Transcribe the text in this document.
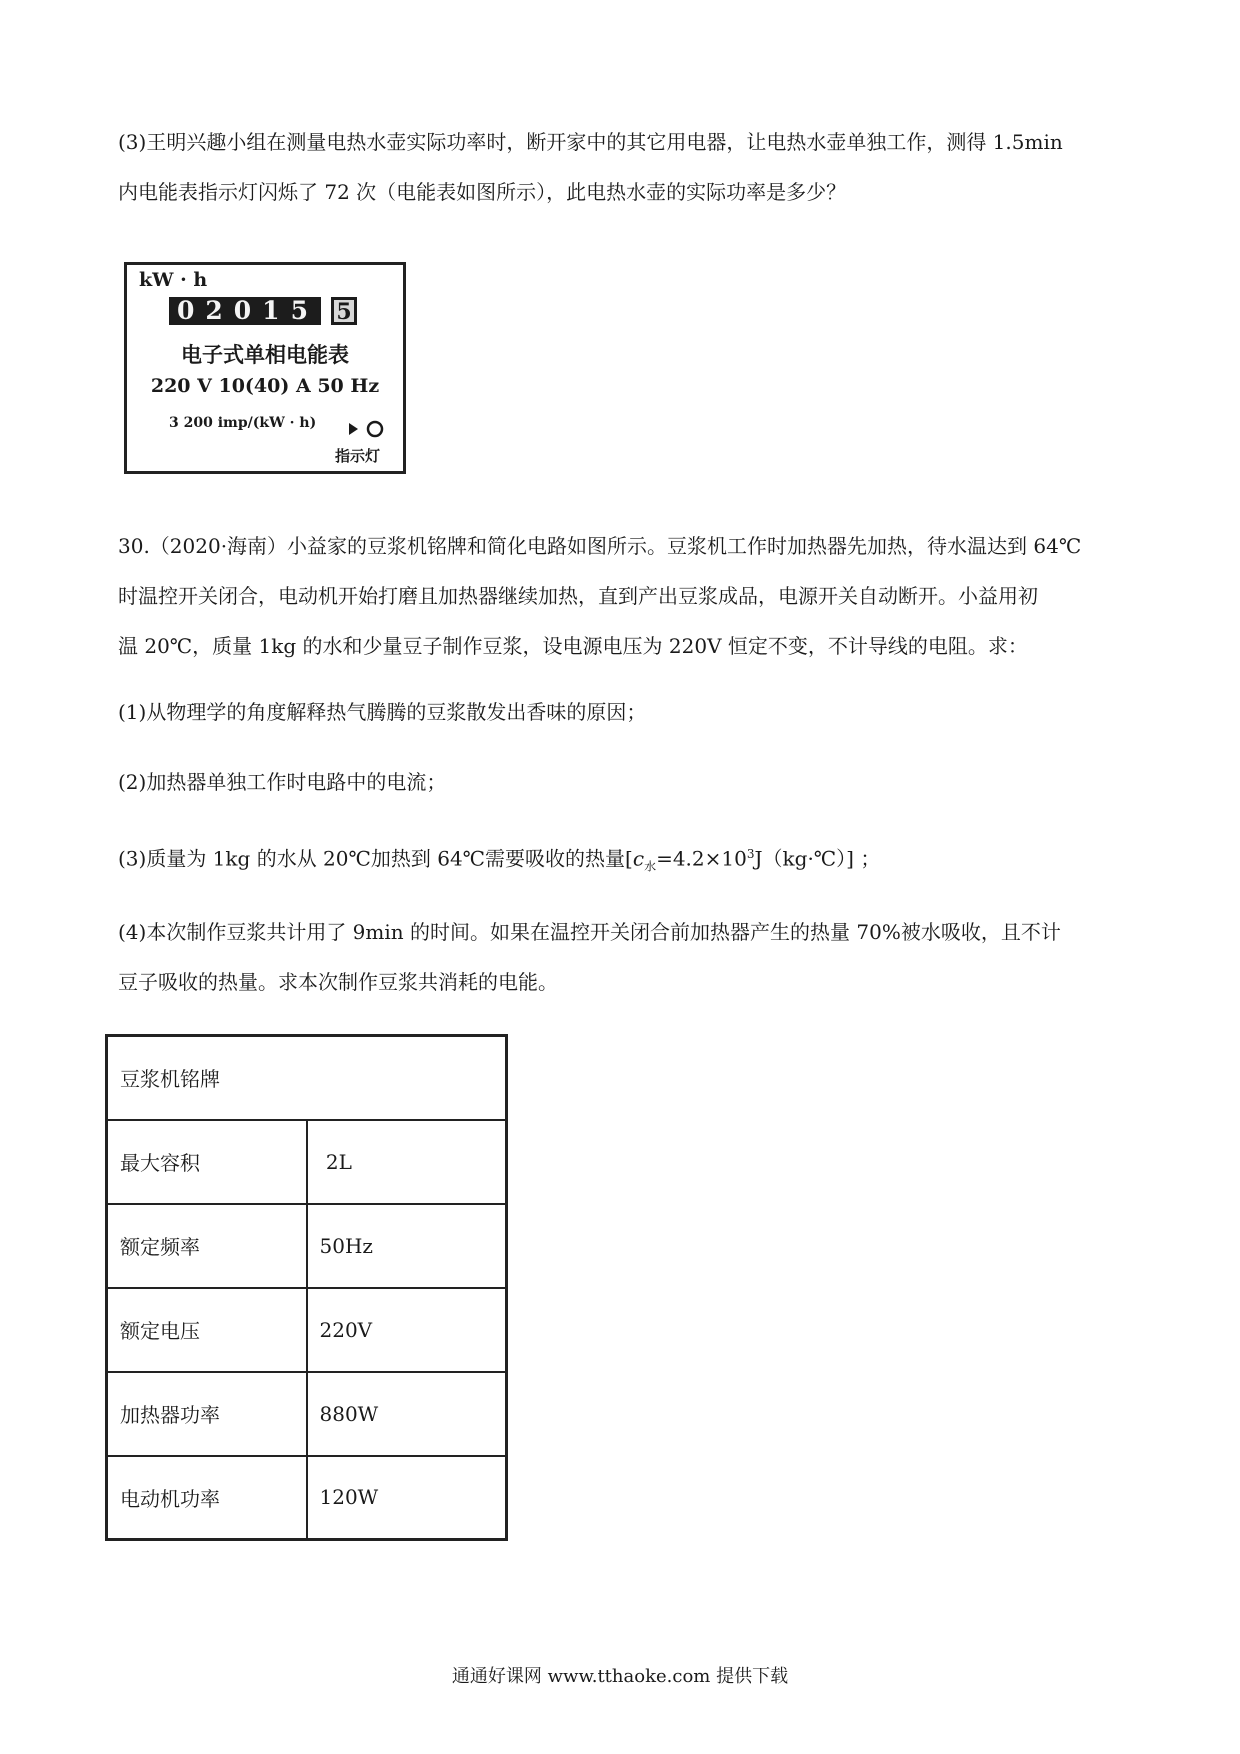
(3)王明兴趣小组在测量电热水壶实际功率时，断开家中的其它用电器，让电热水壶单独工作，测得 1.5min

内电能表指示灯闪烁了 72 次（电能表如图所示），此电热水壶的实际功率是多少？

kW · h
02015 5
电子式单相电能表
220 V 10(40) A 50 Hz
3 200 imp/(kW · h)
指示灯

30.（2020·海南）小益家的豆浆机铭牌和简化电路如图所示。豆浆机工作时加热器先加热，待水温达到 64℃

时温控开关闭合，电动机开始打磨且加热器继续加热，直到产出豆浆成品，电源开关自动断开。小益用初

温 20℃，质量 1kg 的水和少量豆子制作豆浆，设电源电压为 220V 恒定不变，不计导线的电阻。求：

(1)从物理学的角度解释热气腾腾的豆浆散发出香味的原因；

(2)加热器单独工作时电路中的电流；

(3)质量为 1kg 的水从 20℃加热到 64℃需要吸收的热量$[c_水=4.2\times 10^3J(kg\cdot℃)]$ ；

(4)本次制作豆浆共计用了 9min 的时间。如果在温控开关闭合前加热器产生的热量 70%被水吸收，且不计

豆子吸收的热量。求本次制作豆浆共消耗的电能。

豆浆机铭牌	
最大容积	2L
额定频率	50Hz
额定电压	220V
加热器功率	880W
电动机功率	120W
通通好课网 www.tthaoke.com 提供下载
